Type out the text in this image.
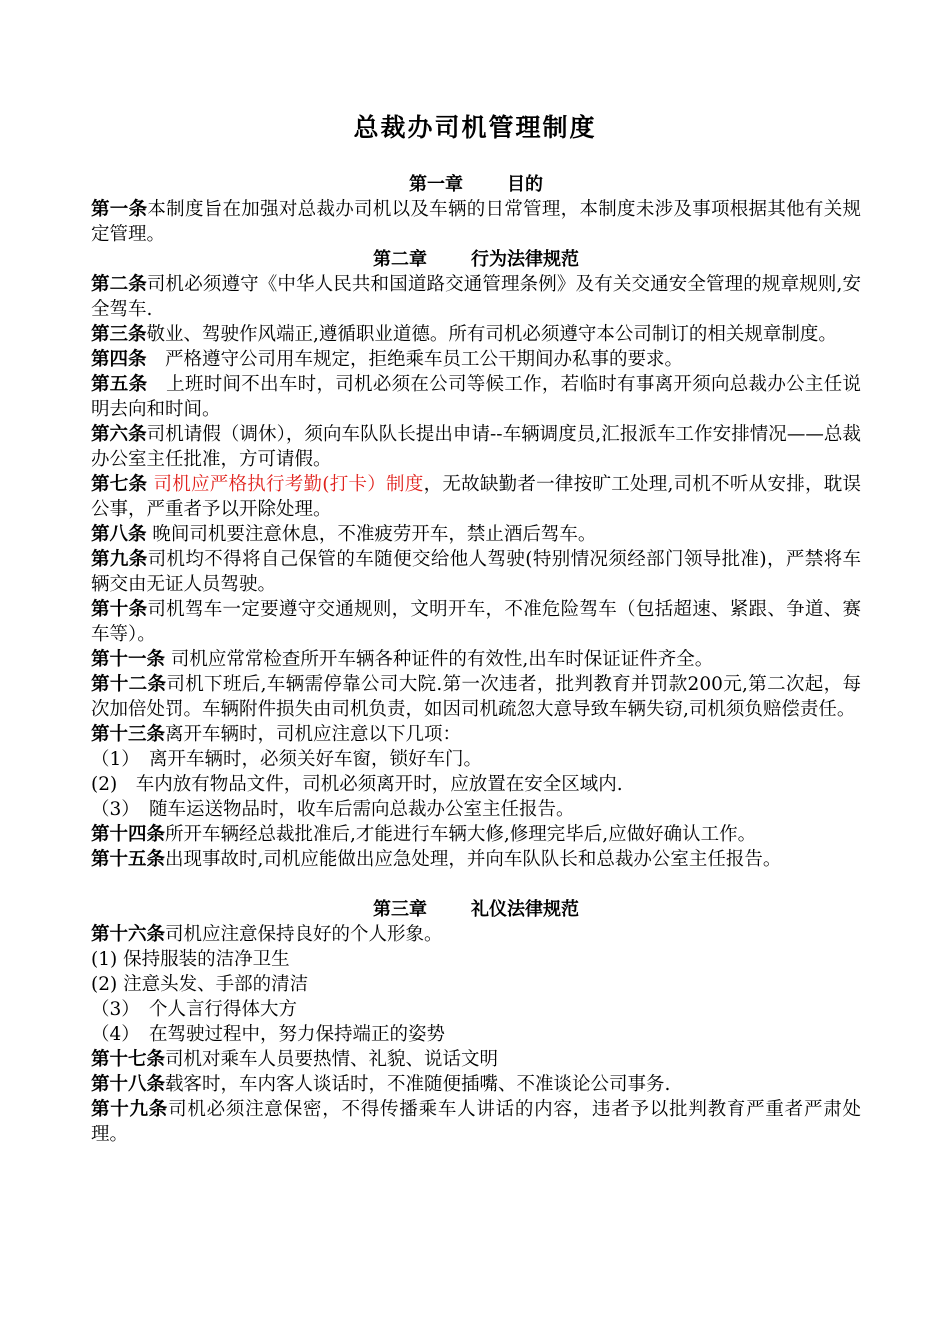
总裁办司机管理制度
第一章 目的

第一条本制度旨在加强对总裁办司机以及车辆的日常管理，本制度未涉及事项根据其他有关规定管理。

第二章 行为法律规范

第二条司机必须遵守《中华人民共和国道路交通管理条例》及有关交通安全管理的规章规则,安全驾车.

第三条敬业、驾驶作风端正,遵循职业道德。所有司机必须遵守本公司制订的相关规章制度。

第四条　严格遵守公司用车规定，拒绝乘车员工公干期间办私事的要求。

第五条　上班时间不出车时，司机必须在公司等候工作，若临时有事离开须向总裁办公主任说明去向和时间。

第六条司机请假（调休），须向车队队长提出申请--车辆调度员,汇报派车工作安排情况——总裁办公室主任批准，方可请假。

第七条 司机应严格执行考勤(打卡）制度，无故缺勤者一律按旷工处理,司机不听从安排，耽误公事，严重者予以开除处理。

第八条 晚间司机要注意休息，不准疲劳开车，禁止酒后驾车。

第九条司机均不得将自己保管的车随便交给他人驾驶(特别情况须经部门领导批准)，严禁将车辆交由无证人员驾驶。

第十条司机驾车一定要遵守交通规则，文明开车，不准危险驾车（包括超速、紧跟、争道、赛车等）。

第十一条 司机应常常检查所开车辆各种证件的有效性,出车时保证证件齐全。

第十二条司机下班后,车辆需停靠公司大院.第一次违者，批判教育并罚款200元,第二次起，每次加倍处罚。车辆附件损失由司机负责，如因司机疏忽大意导致车辆失窃,司机须负赔偿责任。

第十三条离开车辆时，司机应注意以下几项：

（1）　离开车辆时，必须关好车窗，锁好车门。

(2)　车内放有物品文件，司机必须离开时，应放置在安全区域内.

（3）　随车运送物品时，收车后需向总裁办公室主任报告。

第十四条所开车辆经总裁批准后,才能进行车辆大修,修理完毕后,应做好确认工作。

第十五条出现事故时,司机应能做出应急处理，并向车队队长和总裁办公室主任报告。

第三章 礼仪法律规范

第十六条司机应注意保持良好的个人形象。

(1) 保持服装的洁净卫生

(2) 注意头发、手部的清洁

（3）　个人言行得体大方

（4）　在驾驶过程中，努力保持端正的姿势

第十七条司机对乘车人员要热情、礼貌、说话文明

第十八条载客时，车内客人谈话时，不准随便插嘴、不准谈论公司事务.

第十九条司机必须注意保密，不得传播乘车人讲话的内容，违者予以批判教育严重者严肃处理。
